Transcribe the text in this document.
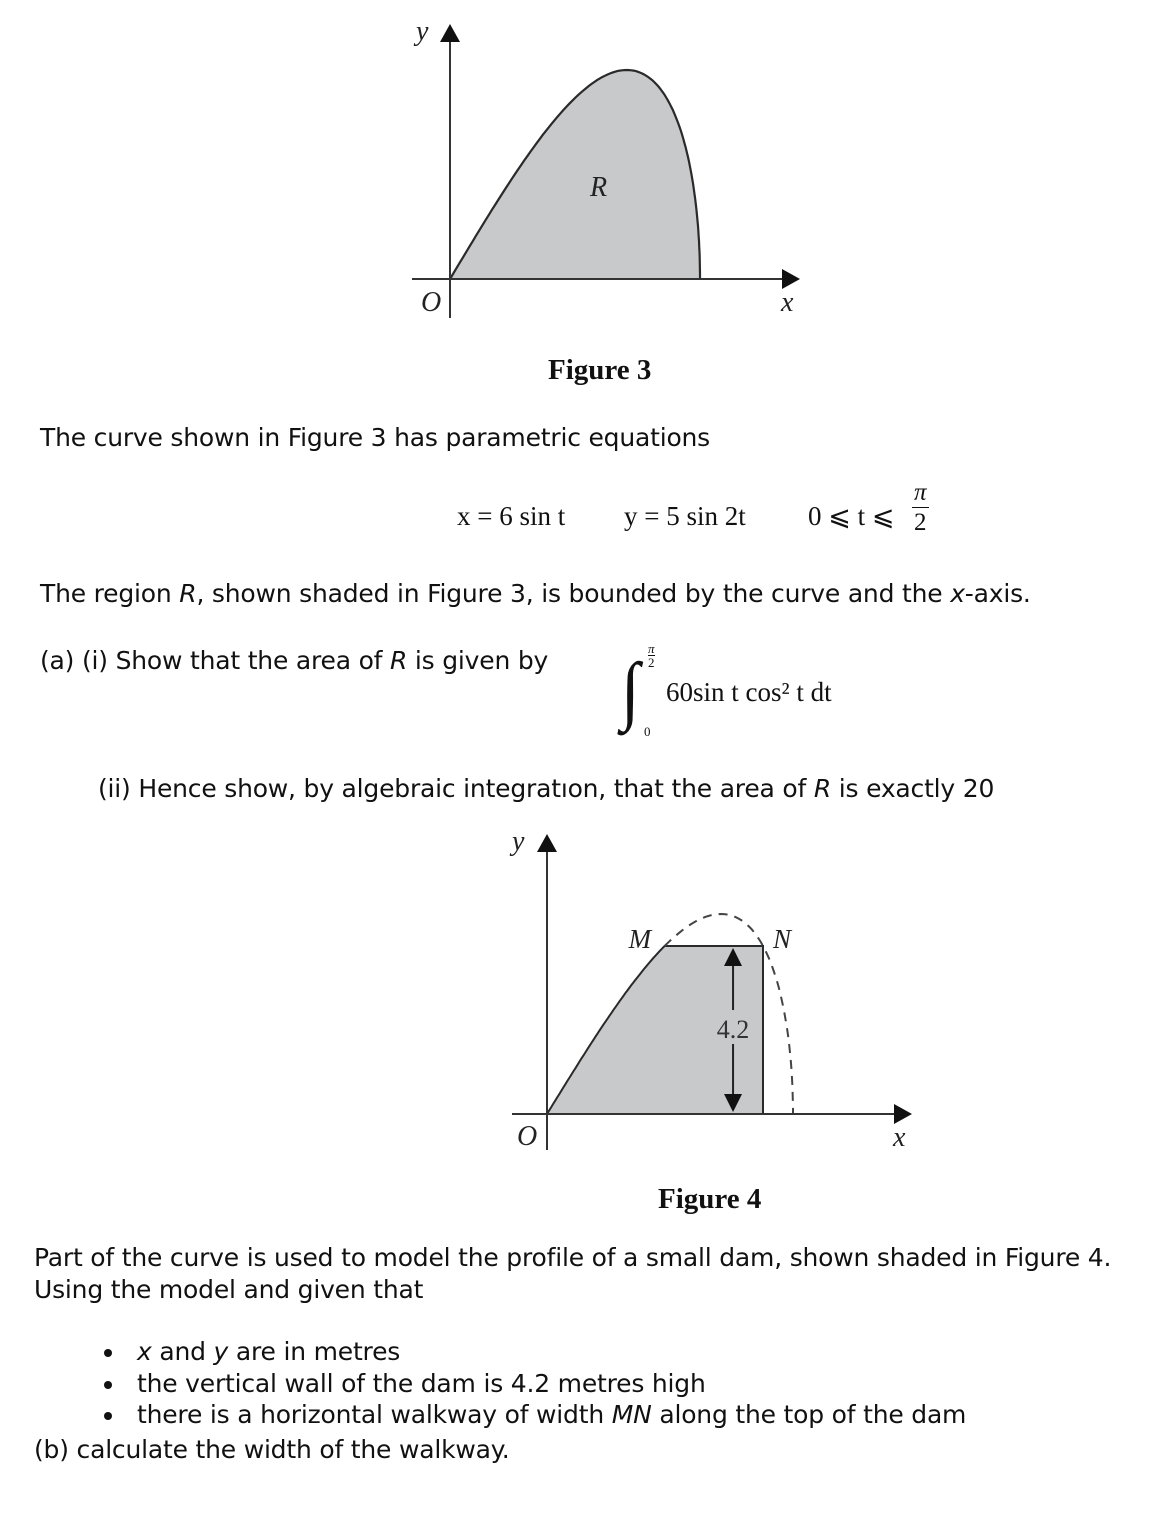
y
x
O
R
Figure 3
The curve shown in Figure 3 has parametric equations
x = 6 sin t y = 5 sin 2t 0 ⩽ t ⩽ $\frac{\pi}{2}$
The region R, shown shaded in Figure 3, is bounded by the curve and the x-axis.
(a) (i) Show that the area of R is given by ∫ $\frac{\pi}{2}$
0
60sin t cos² t dt
(ii) Hence show, by algebraic integratıon, that the area of R is exactly 20
4.2
y
x
O
M	N
Figure 4
Part of the curve is used to model the profile of a small dam, shown shaded in Figure 4.
Using the model and given that
x and y are in metres
the vertical wall of the dam is 4.2 metres high
there is a horizontal walkway of width MN along the top of the dam
(b) calculate the width of the walkway.
